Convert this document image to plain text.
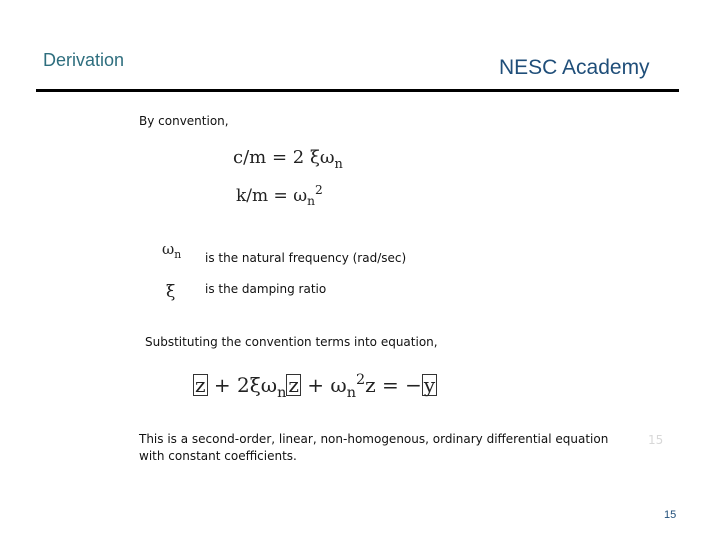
Derivation	NESC Academy
By convention,
c/m = 2 $\xi\omega_n$
$k/m = \omega_n^2$
$\omega_n$ is the natural frequency (rad/sec)
ξ is the damping ratio
Substituting the convention terms into equation,
$z + 2\xi\omega_n$ $z + \omega_n^2z$ = − y
This is a second-order, linear, non-homogenous, ordinary differential equation with constant coefficients.
15
15
